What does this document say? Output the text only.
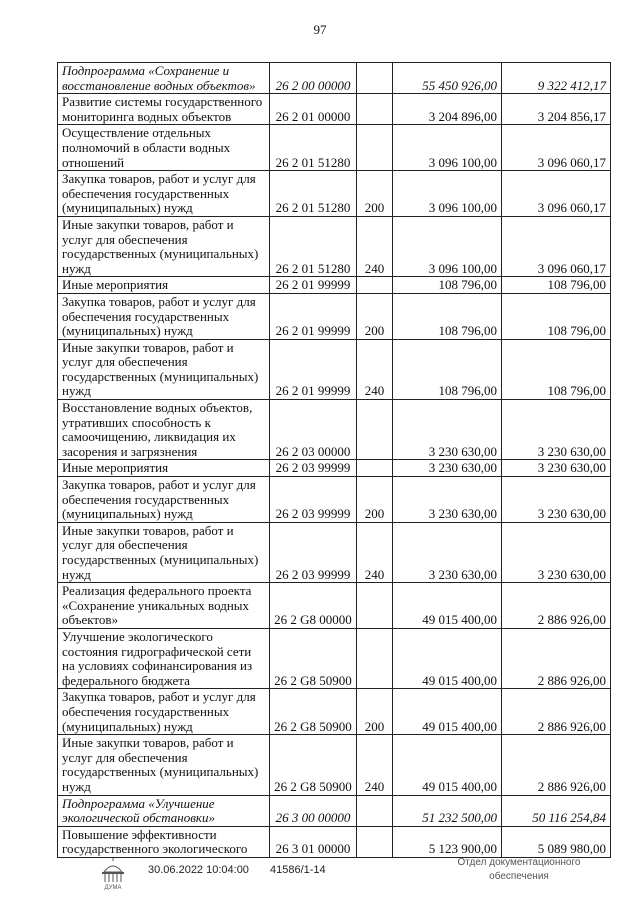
97
Подпрограмма «Сохранение и восстановление водных объектов»	26 2 00 00000		55 450 926,00	9 322 412,17
Развитие системы государственного мониторинга водных объектов	26 2 01 00000		3 204 896,00	3 204 856,17
Осуществление отдельных полномочий в области водных отношений	26 2 01 51280		3 096 100,00	3 096 060,17
Закупка товаров, работ и услуг для обеспечения государственных (муниципальных) нужд	26 2 01 51280	200	3 096 100,00	3 096 060,17
Иные закупки товаров, работ и услуг для обеспечения государственных (муниципальных) нужд	26 2 01 51280	240	3 096 100,00	3 096 060,17
Иные мероприятия	26 2 01 99999		108 796,00	108 796,00
Закупка товаров, работ и услуг для обеспечения государственных (муниципальных) нужд	26 2 01 99999	200	108 796,00	108 796,00
Иные закупки товаров, работ и услуг для обеспечения государственных (муниципальных) нужд	26 2 01 99999	240	108 796,00	108 796,00
Восстановление водных объектов, утративших способность к самоочищению, ликвидация их засорения и загрязнения	26 2 03 00000		3 230 630,00	3 230 630,00
Иные мероприятия	26 2 03 99999		3 230 630,00	3 230 630,00
Закупка товаров, работ и услуг для обеспечения государственных (муниципальных) нужд	26 2 03 99999	200	3 230 630,00	3 230 630,00
Иные закупки товаров, работ и услуг для обеспечения государственных (муниципальных) нужд	26 2 03 99999	240	3 230 630,00	3 230 630,00
Реализация федерального проекта «Сохранение уникальных водных объектов»	26 2 G8 00000		49 015 400,00	2 886 926,00
Улучшение экологического состояния гидрографической сети на условиях софинансирования из федерального бюджета	26 2 G8 50900		49 015 400,00	2 886 926,00
Закупка товаров, работ и услуг для обеспечения государственных (муниципальных) нужд	26 2 G8 50900	200	49 015 400,00	2 886 926,00
Иные закупки товаров, работ и услуг для обеспечения государственных (муниципальных) нужд	26 2 G8 50900	240	49 015 400,00	2 886 926,00
Подпрограмма «Улучшение экологической обстановки»	26 3 00 00000		51 232 500,00	50 116 254,84
Повышение эффективности государственного экологического	26 3 01 00000		5 123 900,00	5 089 980,00
ДУМА
30.06.2022 10:04:00 41586/1-14
Отдел документационного
обеспечения
